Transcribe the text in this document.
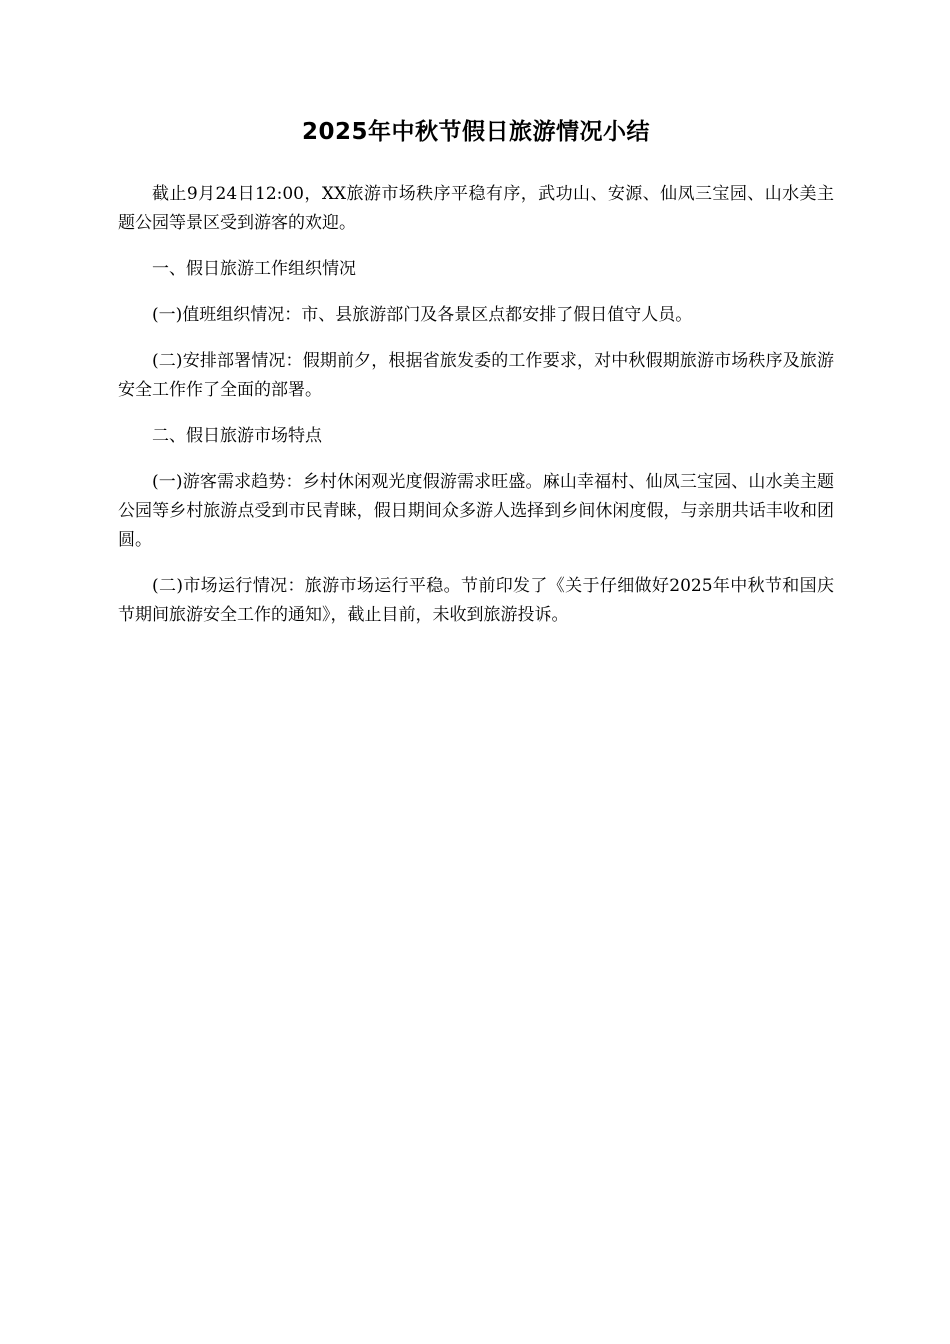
2025年中秋节假日旅游情况小结

截止9月24日12:00，XX旅游市场秩序平稳有序，武功山、安源、仙凤三宝园、山水美主题公园等景区受到游客的欢迎。

一、假日旅游工作组织情况

(一)值班组织情况：市、县旅游部门及各景区点都安排了假日值守人员。

(二)安排部署情况：假期前夕，根据省旅发委的工作要求，对中秋假期旅游市场秩序及旅游安全工作作了全面的部署。

二、假日旅游市场特点

(一)游客需求趋势：乡村休闲观光度假游需求旺盛。麻山幸福村、仙凤三宝园、山水美主题公园等乡村旅游点受到市民青睐，假日期间众多游人选择到乡间休闲度假，与亲朋共话丰收和团圆。

(二)市场运行情况：旅游市场运行平稳。节前印发了《关于仔细做好2025年中秋节和国庆节期间旅游安全工作的通知》，截止目前，未收到旅游投诉。
